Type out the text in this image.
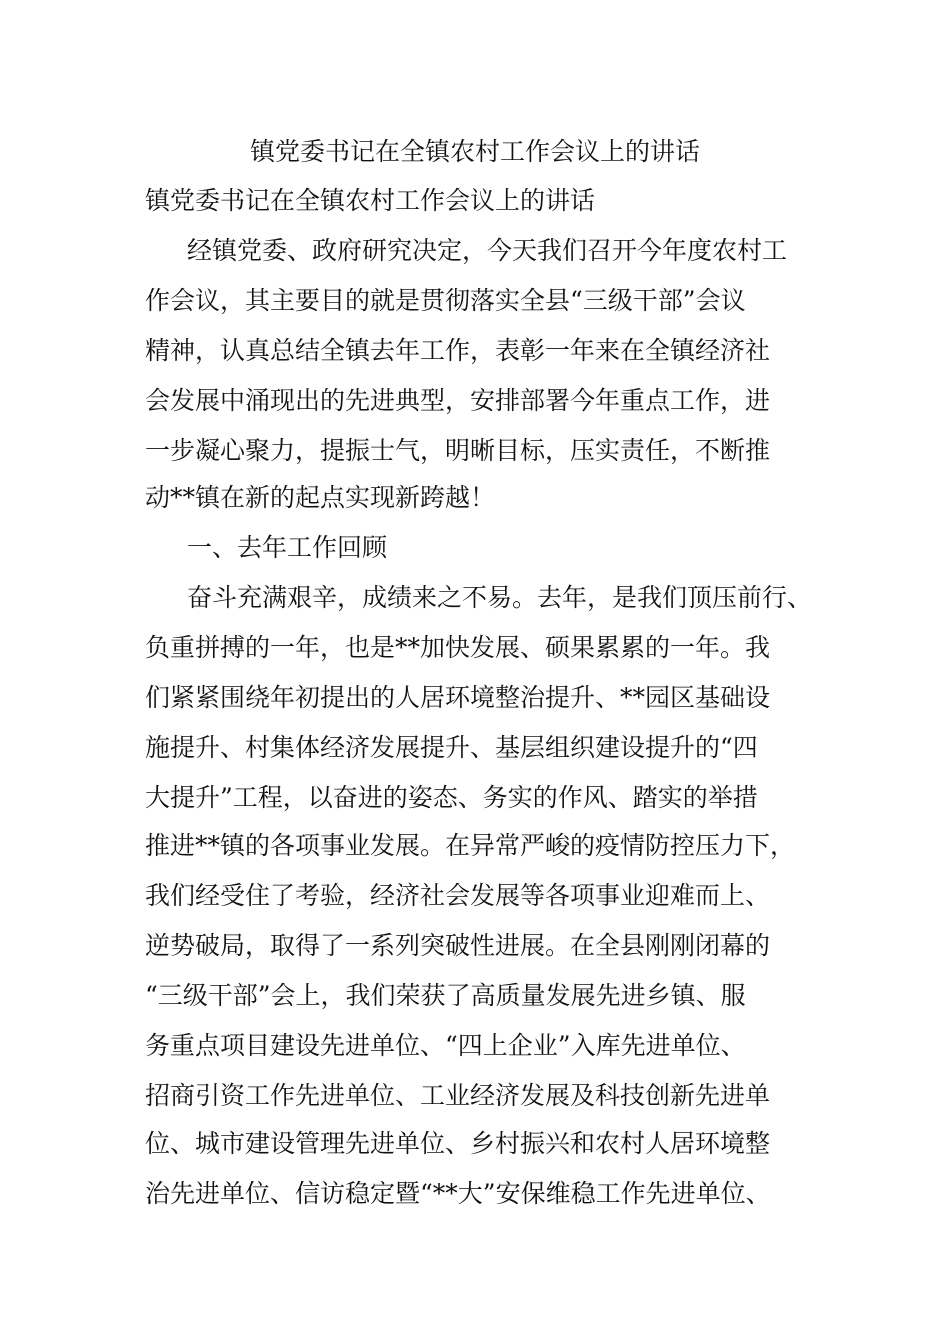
镇党委书记在全镇农村工作会议上的讲话
镇党委书记在全镇农村工作会议上的讲话
经镇党委、政府研究决定，今天我们召开今年度农村工
作会议，其主要目的就是贯彻落实全县“三级干部”会议
精神，认真总结全镇去年工作，表彰一年来在全镇经济社
会发展中涌现出的先进典型，安排部署今年重点工作，进
一步凝心聚力，提振士气，明晰目标，压实责任，不断推
动**镇在新的起点实现新跨越！
一、去年工作回顾
奋斗充满艰辛，成绩来之不易。去年，是我们顶压前行、
负重拼搏的一年，也是**加快发展、硕果累累的一年。我
们紧紧围绕年初提出的人居环境整治提升、**园区基础设
施提升、村集体经济发展提升、基层组织建设提升的“四
大提升”工程，以奋进的姿态、务实的作风、踏实的举措
推进**镇的各项事业发展。在异常严峻的疫情防控压力下，
我们经受住了考验，经济社会发展等各项事业迎难而上、
逆势破局，取得了一系列突破性进展。在全县刚刚闭幕的
“三级干部”会上，我们荣获了高质量发展先进乡镇、服
务重点项目建设先进单位、“四上企业”入库先进单位、
招商引资工作先进单位、工业经济发展及科技创新先进单
位、城市建设管理先进单位、乡村振兴和农村人居环境整
治先进单位、信访稳定暨“**大”安保维稳工作先进单位、
